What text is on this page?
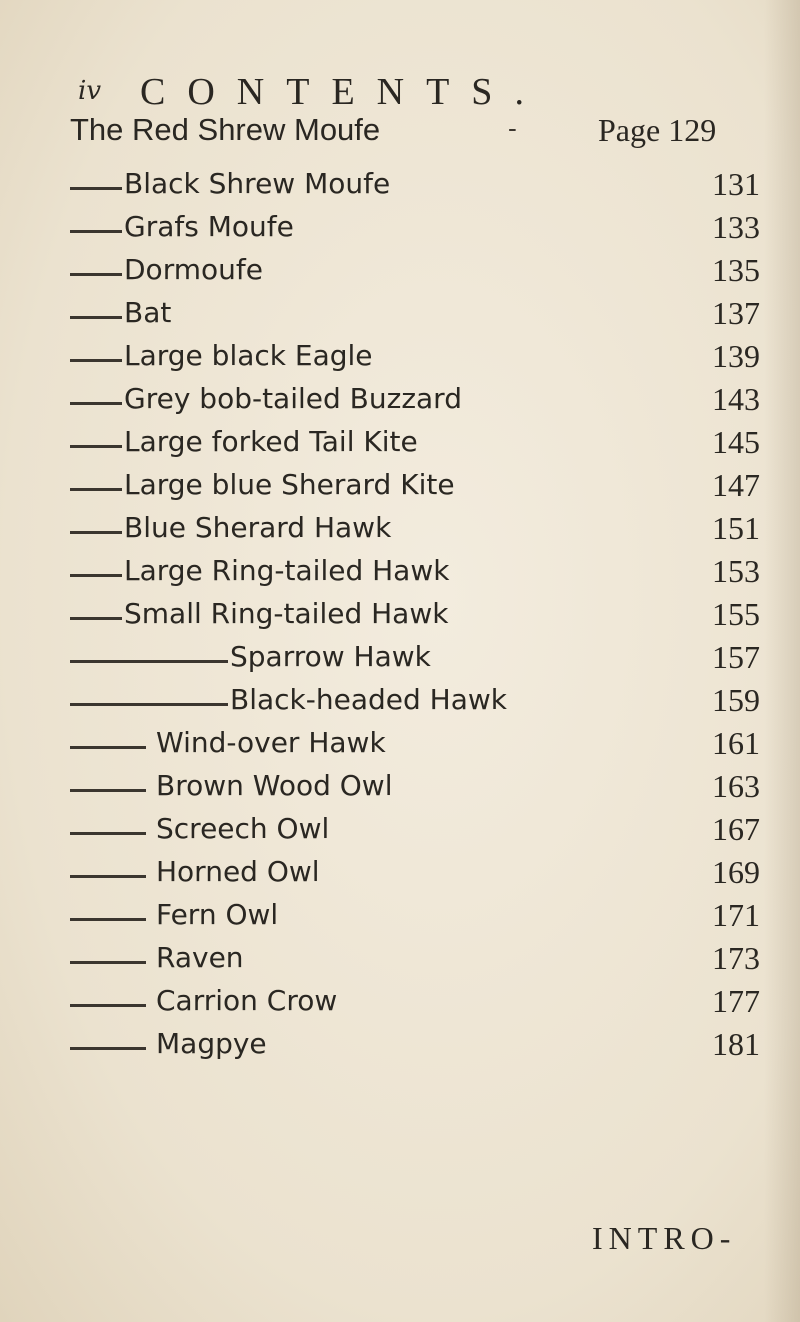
iv CONTENTS.
The Red Shrew Moufe	-	Page 129
Black Shrew Moufe	131
Grafs Moufe	133
Dormoufe	135
Bat	137
Large black Eagle	139
Grey bob-tailed Buzzard	143
Large forked Tail Kite	145
Large blue Sherard Kite	147
Blue Sherard Hawk	151
Large Ring-tailed Hawk	153
Small Ring-tailed Hawk	155
Sparrow Hawk	157
Black-headed Hawk	159
Wind-over Hawk	161
Brown Wood Owl	163
Screech Owl	167
Horned Owl	169
Fern Owl	171
Raven	173
Carrion Crow	177
Magpye	181
INTRO-
